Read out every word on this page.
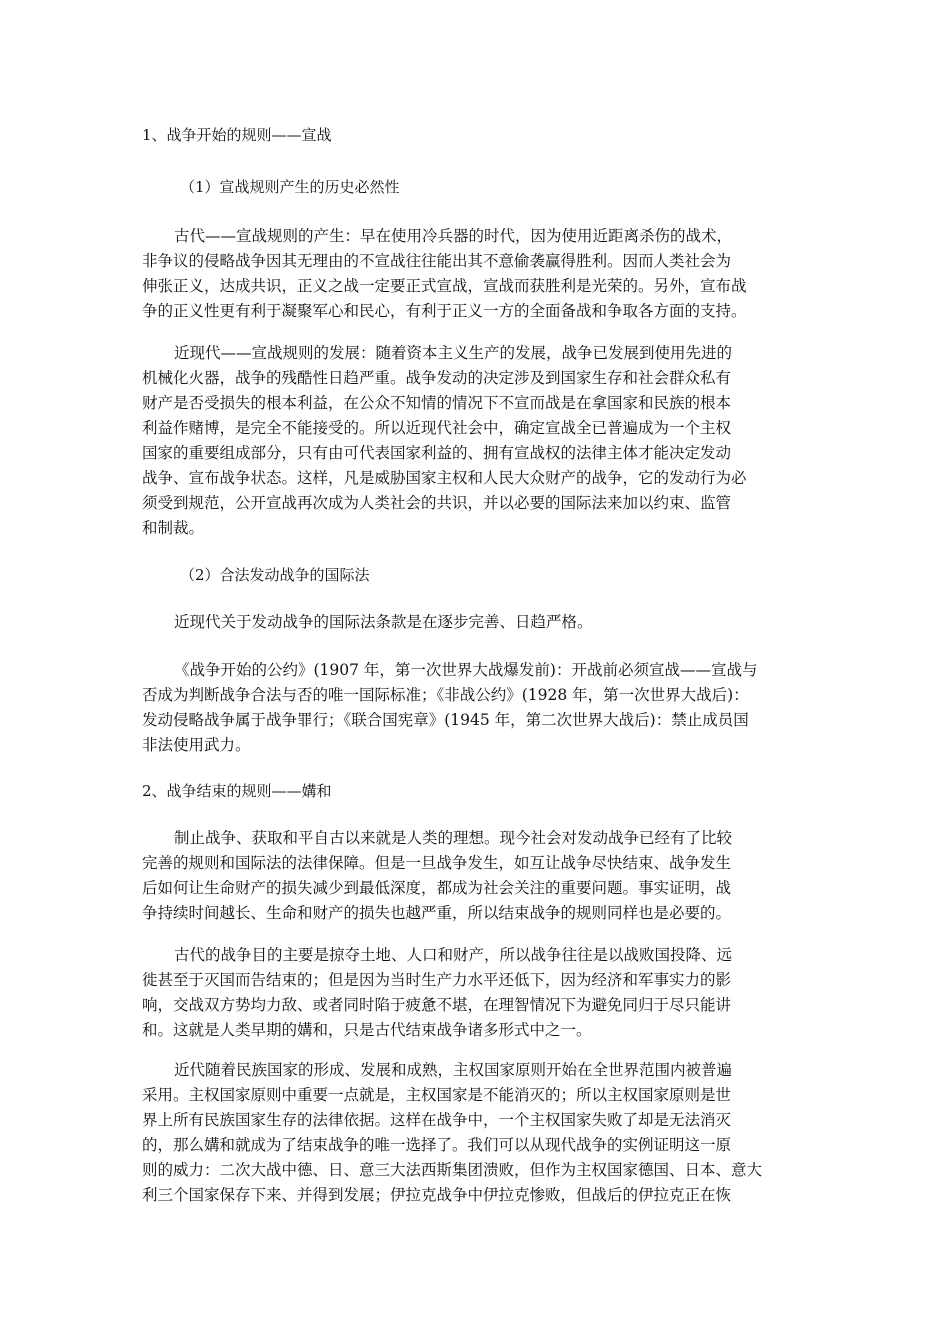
1、战争开始的规则——宣战
（1）宣战规则产生的历史必然性
古代——宣战规则的产生：早在使用冷兵器的时代，因为使用近距离杀伤的战术，
非争议的侵略战争因其无理由的不宣战往往能出其不意偷袭赢得胜利。因而人类社会为
伸张正义，达成共识，正义之战一定要正式宣战，宣战而获胜利是光荣的。另外，宣布战
争的正义性更有利于凝聚军心和民心，有利于正义一方的全面备战和争取各方面的支持。
近现代——宣战规则的发展：随着资本主义生产的发展，战争已发展到使用先进的
机械化火器，战争的残酷性日趋严重。战争发动的决定涉及到国家生存和社会群众私有
财产是否受损失的根本利益，在公众不知情的情况下不宣而战是在拿国家和民族的根本
利益作赌博，是完全不能接受的。所以近现代社会中，确定宣战全已普遍成为一个主权
国家的重要组成部分，只有由可代表国家利益的、拥有宣战权的法律主体才能决定发动
战争、宣布战争状态。这样，凡是威胁国家主权和人民大众财产的战争，它的发动行为必
须受到规范，公开宣战再次成为人类社会的共识，并以必要的国际法来加以约束、监管
和制裁。
（2）合法发动战争的国际法
近现代关于发动战争的国际法条款是在逐步完善、日趋严格。
《战争开始的公约》(1907 年，第一次世界大战爆发前)：开战前必须宣战——宣战与
否成为判断战争合法与否的唯一国际标准；《非战公约》(1928 年，第一次世界大战后)：
发动侵略战争属于战争罪行；《联合国宪章》(1945 年，第二次世界大战后)：禁止成员国
非法使用武力。
2、战争结束的规则——媾和
制止战争、获取和平自古以来就是人类的理想。现今社会对发动战争已经有了比较
完善的规则和国际法的法律保障。但是一旦战争发生，如互让战争尽快结束、战争发生
后如何让生命财产的损失减少到最低深度，都成为社会关注的重要问题。事实证明，战
争持续时间越长、生命和财产的损失也越严重，所以结束战争的规则同样也是必要的。
古代的战争目的主要是掠夺土地、人口和财产，所以战争往往是以战败国投降、远
徙甚至于灭国而告结束的；但是因为当时生产力水平还低下，因为经济和军事实力的影
响，交战双方势均力敌、或者同时陷于疲惫不堪，在理智情况下为避免同归于尽只能讲
和。这就是人类早期的媾和，只是古代结束战争诸多形式中之一。
近代随着民族国家的形成、发展和成熟，主权国家原则开始在全世界范围内被普遍
采用。主权国家原则中重要一点就是，主权国家是不能消灭的；所以主权国家原则是世
界上所有民族国家生存的法律依据。这样在战争中，一个主权国家失败了却是无法消灭
的，那么媾和就成为了结束战争的唯一选择了。我们可以从现代战争的实例证明这一原
则的威力：二次大战中德、日、意三大法西斯集团溃败，但作为主权国家德国、日本、意大
利三个国家保存下来、并得到发展；伊拉克战争中伊拉克惨败，但战后的伊拉克正在恢
